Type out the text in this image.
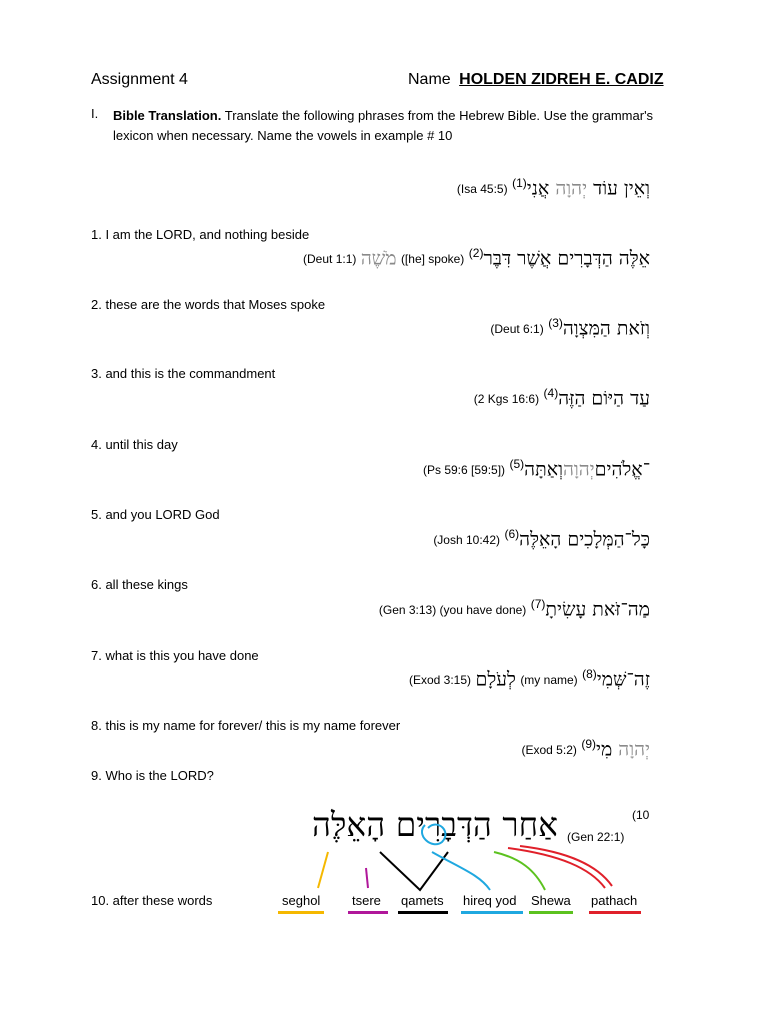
Assignment 4	Name HOLDEN ZIDREH E. CADIZ
I. Bible Translation. Translate the following phrases from the Hebrew Bible. Use the grammar's lexicon when necessary. Name the vowels in example # 10
(Isa 45:5)	וְאֵין עוֹד יְהוָה אֲנִי$^{(1)}$
1. I am the LORD, and nothing beside
(Deut 1:1) מֹשֶׁה ([he] spoke) אֵלֶּה הַדְּבָרִים אֲשֶׁר דִּבֶּר$^{(2)}$
2. these are the words that Moses spoke
(Deut 6:1) וְזֹאת הַמִּצְוָה$^{(3)}$
3. and this is the commandment
(2 Kgs 16:6) עַד הַיּוֹם הַזֶּה$^{(4)}$
4. until this day
(Ps 59:6 [59:5])	־אֱלֹהִיםיְהוָהוְאַתָּה$^{(5)}$
5. and you LORD God
(Josh 10:42) כָּל־הַמְּלָכִים הָאֵלֶּה$^{(6)}$
6. all these kings
(Gen 3:13) (you have done) מַה־זֹּאת עָשִׂיתָ$^{(7)}$
7. what is this you have done
(Exod 3:15) לְעֹלָם (my name) זֶה־שְּׁמִי$^{(8)}$
8. this is my name for forever/ this is my name forever
(Exod 5:2) יְהוָה מִי$^{(9)}$
9. Who is the LORD?
(10
אַחַר הַדְּבָרִים הָאֵלֶּה (Gen 22:1)
10. after these words	seghol tsere qamets hireq yod Shewa pathach
